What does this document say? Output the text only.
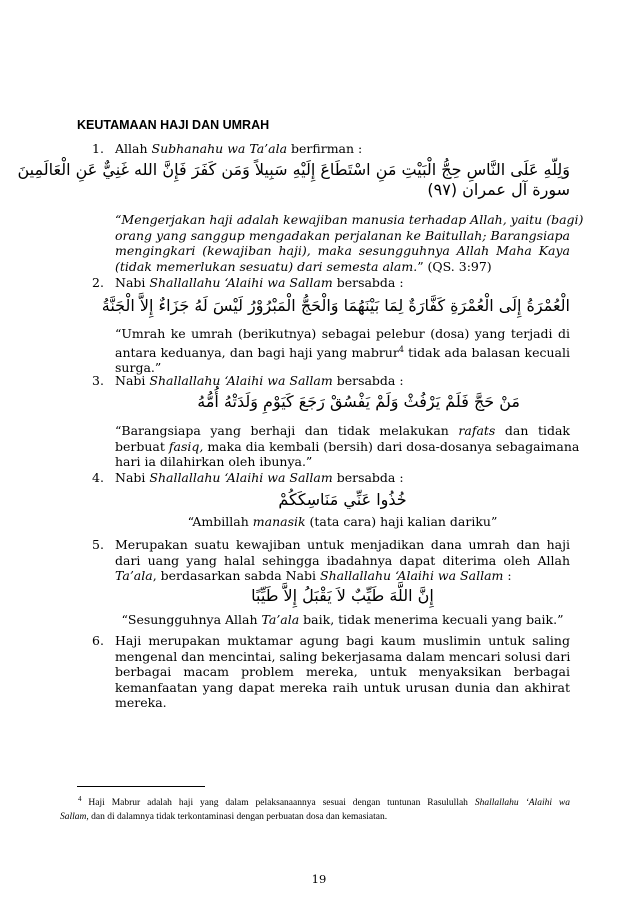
KEUTAMAAN HAJI DAN UMRAH
1. Allah Subhanahu wa Ta’ala berfirman :
وَلِلّهِ عَلَى النَّاسِ حِجُّ الْبَيْتِ مَنِ اسْتَطَاعَ إِلَيْهِ سَبِيلاً وَمَن كَفَرَ فَإِنَّ الله غَنِيٌّ عَنِ الْعَالَمِينَ
سورة آل عمران (٩٧)
“Mengerjakan haji adalah kewajiban manusia terhadap Allah, yaitu (bagi)
orang yang sanggup mengadakan perjalanan ke Baitullah; Barangsiapa
mengingkari (kewajiban haji), maka sesungguhnya Allah Maha Kaya
(tidak memerlukan sesuatu) dari semesta alam.” (QS. 3:97)
2. Nabi Shallallahu ‘Alaihi wa Sallam bersabda :
الْعُمْرَةُ إِلَى الْعُمْرَةِ كَفَّارَةٌ لِمَا بَيْنَهُمَا وَالْحَجُّ الْمَبْرُوْرُ لَيْسَ لَهُ جَزَاءٌ إِلاَّ الْجَنَّةُ
“Umrah ke umrah (berikutnya) sebagai pelebur (dosa) yang terjadi di
antara keduanya, dan bagi haji yang mabrur$^4$ tidak ada balasan kecuali
surga.”
3. Nabi Shallallahu ‘Alaihi wa Sallam bersabda :
مَنْ حَجَّ فَلَمْ يَرْفُثْ وَلَمْ يَفْسُقْ رَجَعَ كَيَوْمِ وَلَدَتْهُ أُمُّهُ
“Barangsiapa yang berhaji dan tidak melakukan rafats dan tidak
berbuat fasiq, maka dia kembali (bersih) dari dosa-dosanya sebagaimana
hari ia dilahirkan oleh ibunya.”
4. Nabi Shallallahu ‘Alaihi wa Sallam bersabda :
خُذُوا عَنِّي مَنَاسِكَكُمْ
“Ambillah manasik (tata cara) haji kalian dariku”
5. Merupakan suatu kewajiban untuk menjadikan dana umrah dan haji
dari uang yang halal sehingga ibadahnya dapat diterima oleh Allah
Ta’ala, berdasarkan sabda Nabi Shallallahu ‘Alaihi wa Sallam :
إِنَّ اللَّهَ طَيِّبٌ لاَ يَقْبَلُ إِلاَّ طَيِّبًا
“Sesungguhnya Allah Ta’ala baik, tidak menerima kecuali yang baik.”
6. Haji merupakan muktamar agung bagi kaum muslimin untuk saling
mengenal dan mencintai, saling bekerjasama dalam mencari solusi dari
berbagai macam problem mereka, untuk menyaksikan berbagai
kemanfaatan yang dapat mereka raih untuk urusan dunia dan akhirat
mereka.
$^4$ Haji Mabrur adalah haji yang dalam pelaksanaannya sesuai dengan tuntunan Rasulullah Shallallahu ‘Alaihi wa
Sallam, dan di dalamnya tidak terkontaminasi dengan perbuatan dosa dan kemasiatan.
19
